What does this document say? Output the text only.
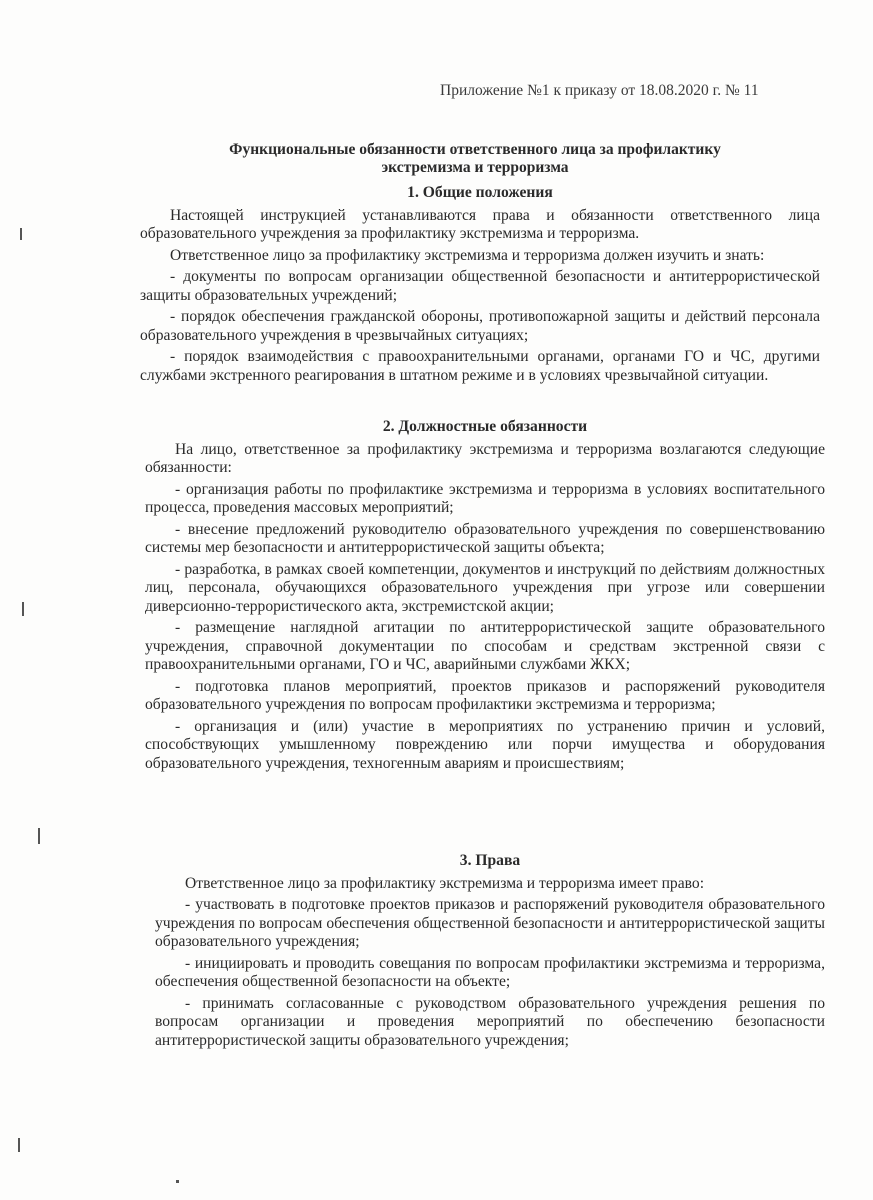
Приложение №1 к приказу от 18.08.2020 г. № 11
Функциональные обязанности ответственного лица за профилактику
экстремизма и терроризма
1. Общие положения

Настоящей инструкцией устанавливаются права и обязанности ответственного лица образовательного учреждения за профилактику экстремизма и терроризма.

Ответственное лицо за профилактику экстремизма и терроризма должен изучить и знать:

- документы по вопросам организации общественной безопасности и антитеррористической защиты образовательных учреждений;

- порядок обеспечения гражданской обороны, противопожарной защиты и действий персонала образовательного учреждения в чрезвычайных ситуациях;

- порядок взаимодействия с правоохранительными органами, органами ГО и ЧС, другими службами экстренного реагирования в штатном режиме и в условиях чрезвычайной ситуации.

2. Должностные обязанности

На лицо, ответственное за профилактику экстремизма и терроризма возлагаются следующие обязанности:

- организация работы по профилактике экстремизма и терроризма в условиях воспитательного процесса, проведения массовых мероприятий;

- внесение предложений руководителю образовательного учреждения по совершенствованию системы мер безопасности и антитеррористической защиты объекта;

- разработка, в рамках своей компетенции, документов и инструкций по действиям должностных лиц, персонала, обучающихся образовательного учреждения при угрозе или совершении диверсионно-террористического акта, экстремистской акции;

- размещение наглядной агитации по антитеррористической защите образовательного учреждения, справочной документации по способам и средствам экстренной связи с правоохранительными органами, ГО и ЧС, аварийными службами ЖКХ;

- подготовка планов мероприятий, проектов приказов и распоряжений руководителя образовательного учреждения по вопросам профилактики экстремизма и терроризма;

- организация и (или) участие в мероприятиях по устранению причин и условий, способствующих умышленному повреждению или порчи имущества и оборудования образовательного учреждения, техногенным авариям и происшествиям;

3. Права

Ответственное лицо за профилактику экстремизма и терроризма имеет право:

- участвовать в подготовке проектов приказов и распоряжений руководителя образовательного учреждения по вопросам обеспечения общественной безопасности и антитеррористической защиты образовательного учреждения;

- инициировать и проводить совещания по вопросам профилактики экстремизма и терроризма, обеспечения общественной безопасности на объекте;

- принимать согласованные с руководством образовательного учреждения решения по вопросам организации и проведения мероприятий по обеспечению безопасности антитеррористической защиты образовательного учреждения;
